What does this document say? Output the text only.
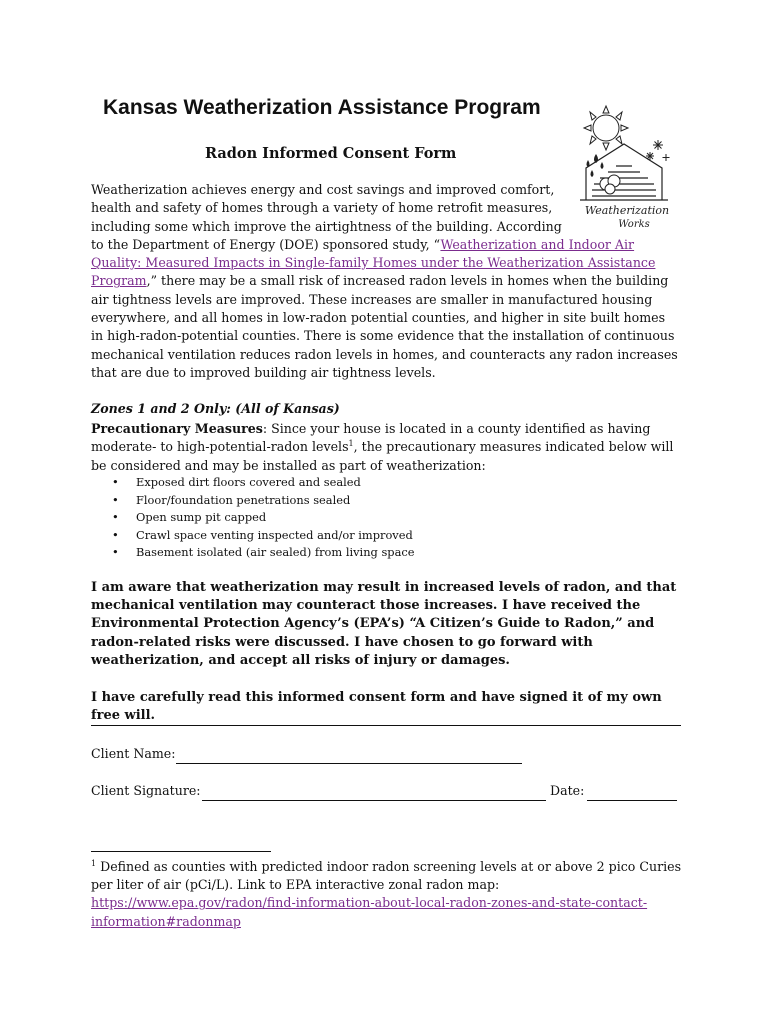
Kansas Weatherization Assistance Program
Radon Informed Consent Form
Weatherization
Works

Weatherization achieves energy and cost savings and improved comfort,
health and safety of homes through a variety of home retrofit measures,
including some which improve the airtightness of the building. According
to the Department of Energy (DOE) sponsored study, “Weatherization and Indoor Air Quality: Measured Impacts in Single-family Homes under the Weatherization Assistance Program,” there may be a small risk of increased radon levels in homes when the building air tightness levels are improved. These increases are smaller in manufactured housing everywhere, and all homes in low-radon potential counties, and higher in site built homes in high-radon-potential counties. There is some evidence that the installation of continuous mechanical ventilation reduces radon levels in homes, and counteracts any radon increases that are due to improved building air tightness levels.

Zones 1 and 2 Only: (All of Kansas)

Precautionary Measures: Since your house is located in a county identified as having moderate- to high-potential-radon levels$^1$, the precautionary measures indicated below will be considered and may be installed as part of weatherization:

• Exposed dirt floors covered and sealed
• Floor/foundation penetrations sealed
• Open sump pit capped
• Crawl space venting inspected and/or improved
• Basement isolated (air sealed) from living space

I am aware that weatherization may result in increased levels of radon, and that mechanical ventilation may counteract those increases. I have received the Environmental Protection Agency’s (EPA’s) “A Citizen’s Guide to Radon,” and radon-related risks were discussed. I have chosen to go forward with weatherization, and accept all risks of injury or damages.

I have carefully read this informed consent form and have signed it of my own free will.

Client Name:
Client Signature:	Date:

$^1$ Defined as counties with predicted indoor radon screening levels at or above 2 pico Curies per liter of air (pCi/L). Link to EPA interactive zonal radon map:
https://www.epa.gov/radon/find-information-about-local-radon-zones-and-state-contact-information#radonmap
